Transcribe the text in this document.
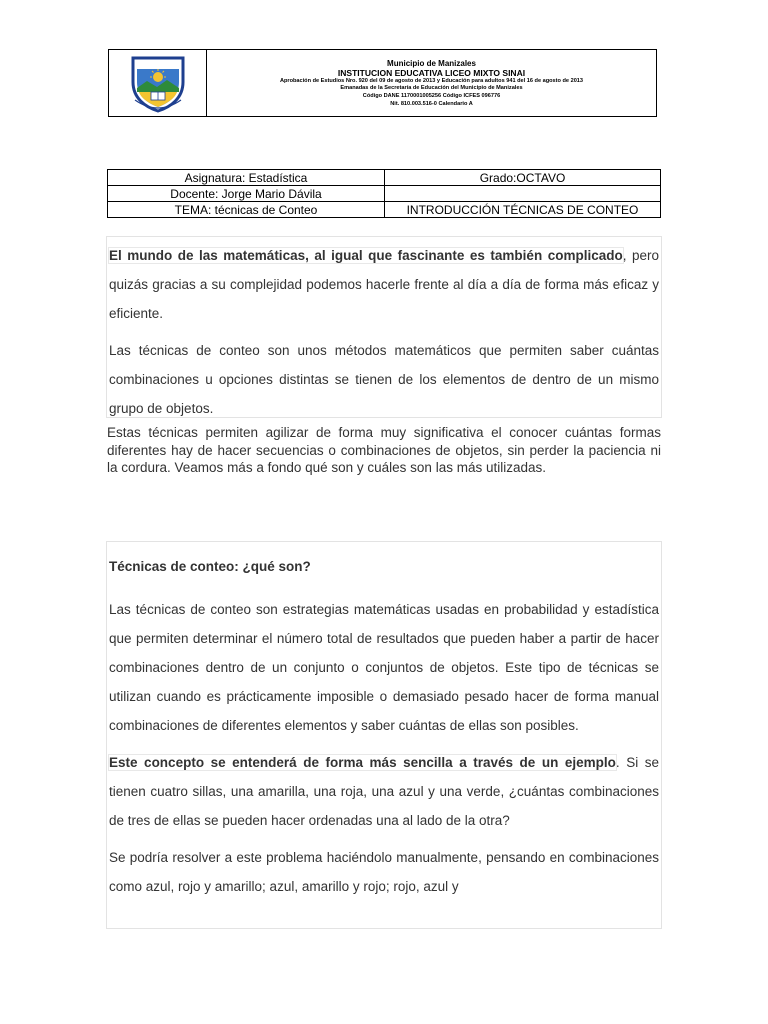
Municipio de Manizales
INSTITUCION EDUCATIVA LICEO MIXTO SINAI
Aprobación de Estudios Nro. 920 del 09 de agosto de 2013 y Educación para adultos 941 del 16 de agosto de 2013
Emanadas de la Secretaría de Educación del Municipio de Manizales
Código DANE 1170001005256 Código ICFES 096776
Nit. 810.003.516-0 Calendario A
Asignatura: Estadística	Grado:OCTAVO
Docente: Jorge Mario Dávila	
TEMA: técnicas de Conteo	INTRODUCCIÓN TÉCNICAS DE CONTEO

El mundo de las matemáticas, al igual que fascinante es también complicado, pero quizás gracias a su complejidad podemos hacerle frente al día a día de forma más eficaz y eficiente.

Las técnicas de conteo son unos métodos matemáticos que permiten saber cuántas combinaciones u opciones distintas se tienen de los elementos de dentro de un mismo grupo de objetos.

Estas técnicas permiten agilizar de forma muy significativa el conocer cuántas formas diferentes hay de hacer secuencias o combinaciones de objetos, sin perder la paciencia ni la cordura. Veamos más a fondo qué son y cuáles son las más utilizadas.

Técnicas de conteo: ¿qué son?

Las técnicas de conteo son estrategias matemáticas usadas en probabilidad y estadística que permiten determinar el número total de resultados que pueden haber a partir de hacer combinaciones dentro de un conjunto o conjuntos de objetos. Este tipo de técnicas se utilizan cuando es prácticamente imposible o demasiado pesado hacer de forma manual combinaciones de diferentes elementos y saber cuántas de ellas son posibles.

Este concepto se entenderá de forma más sencilla a través de un ejemplo. Si se tienen cuatro sillas, una amarilla, una roja, una azul y una verde, ¿cuántas combinaciones de tres de ellas se pueden hacer ordenadas una al lado de la otra?

Se podría resolver a este problema haciéndolo manualmente, pensando en combinaciones como azul, rojo y amarillo; azul, amarillo y rojo; rojo, azul y
